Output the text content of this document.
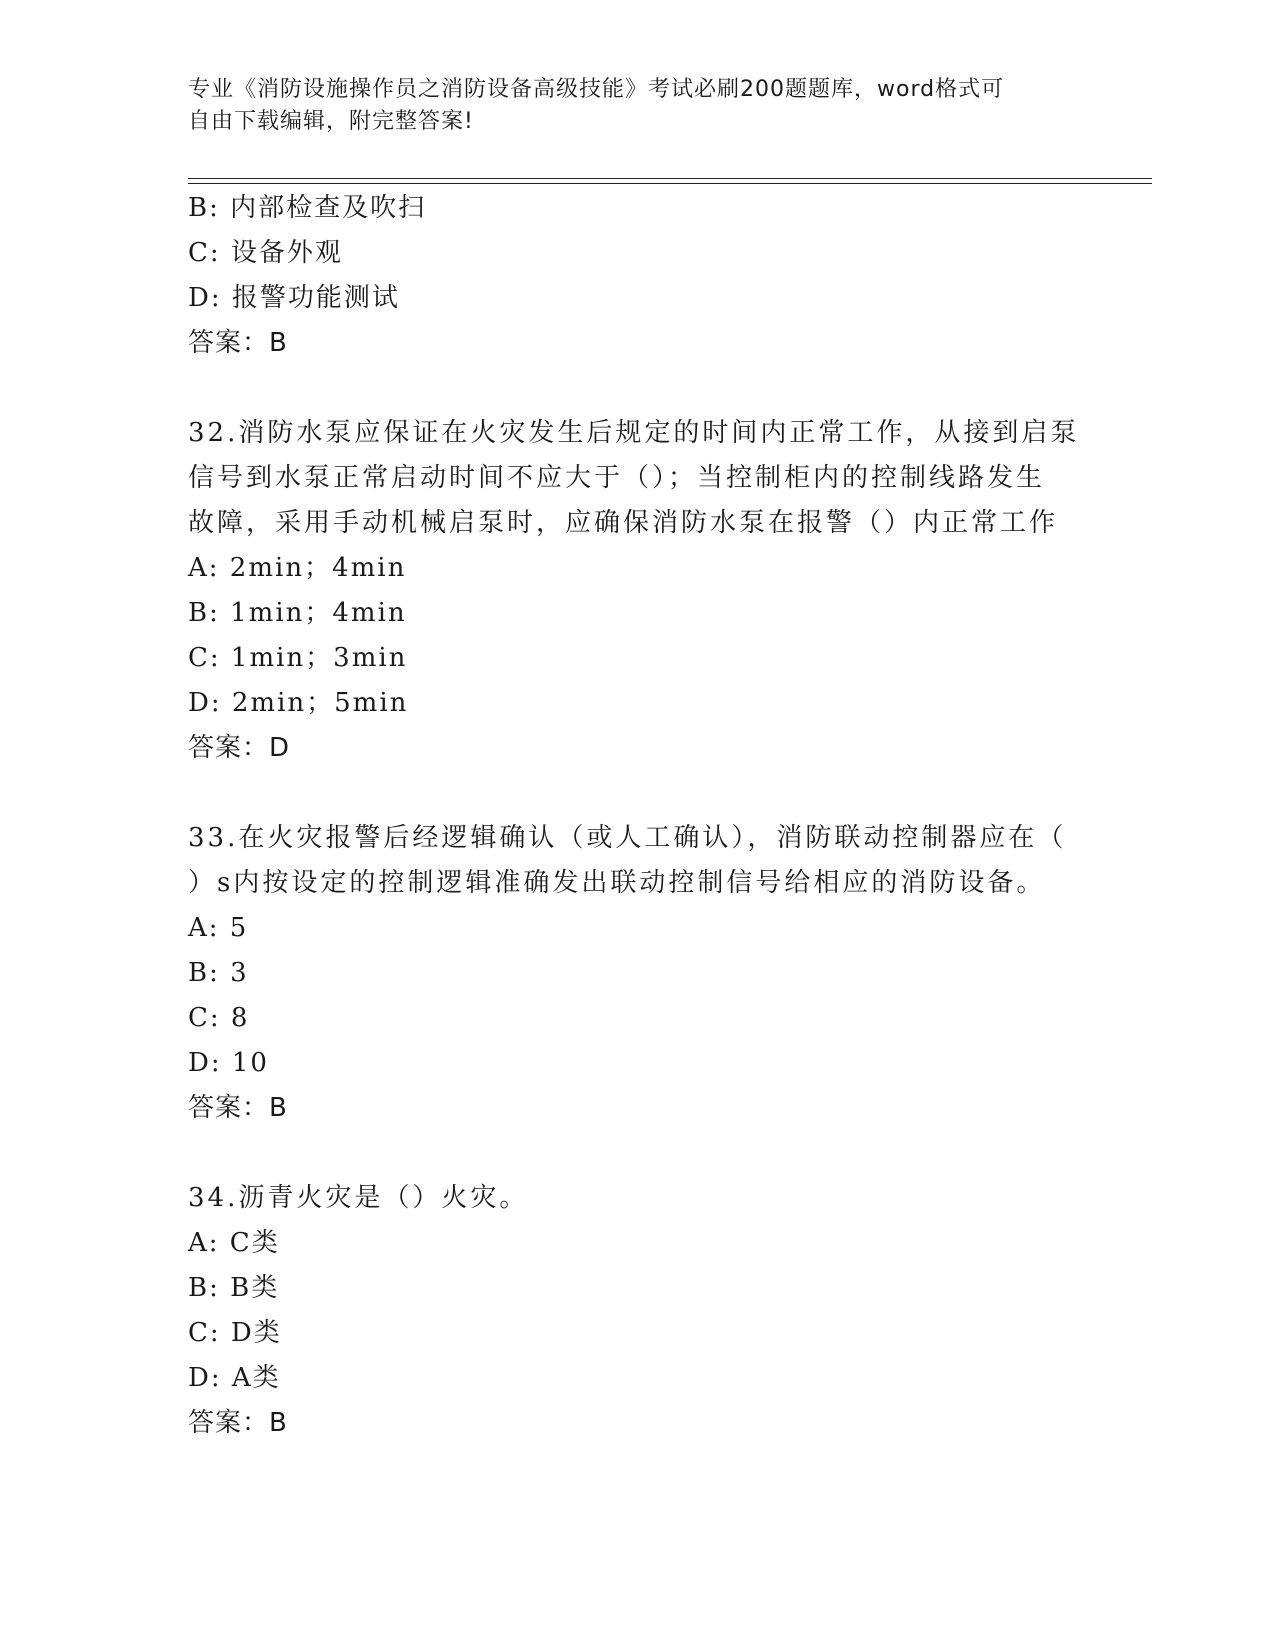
专业《消防设施操作员之消防设备高级技能》考试必刷200题题库，word格式可
自由下载编辑，附完整答案!
B: 内部检查及吹扫
C: 设备外观
D: 报警功能测试
答案：B
32.消防水泵应保证在火灾发生后规定的时间内正常工作，从接到启泵
信号到水泵正常启动时间不应大于（）；当控制柜内的控制线路发生
故障，采用手动机械启泵时，应确保消防水泵在报警（）内正常工作
A: 2min；4min
B: 1min；4min
C: 1min；3min
D: 2min；5min
答案：D
33.在火灾报警后经逻辑确认（或人工确认），消防联动控制器应在（
）s内按设定的控制逻辑准确发出联动控制信号给相应的消防设备。
A: 5
B: 3
C: 8
D: 10
答案：B
34.沥青火灾是（）火灾。
A: C类
B: B类
C: D类
D: A类
答案：B
